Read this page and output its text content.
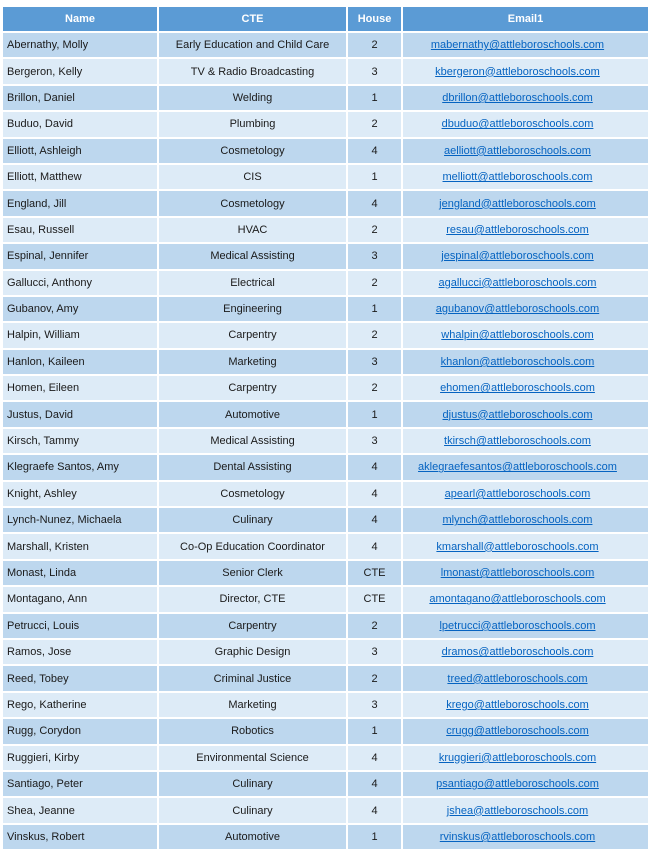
Name	CTE	House	Email1
Abernathy, Molly	Early Education and Child Care	2	mabernathy@attleboroschools.com
Bergeron, Kelly	TV & Radio Broadcasting	3	kbergeron@attleboroschools.com
Brillon, Daniel	Welding	1	dbrillon@attleboroschools.com
Buduo, David	Plumbing	2	dbuduo@attleboroschools.com
Elliott, Ashleigh	Cosmetology	4	aelliott@attleboroschools.com
Elliott, Matthew	CIS	1	melliott@attleboroschools.com
England, Jill	Cosmetology	4	jengland@attleboroschools.com
Esau, Russell	HVAC	2	resau@attleboroschools.com
Espinal, Jennifer	Medical Assisting	3	jespinal@attleboroschools.com
Gallucci, Anthony	Electrical	2	agallucci@attleboroschools.com
Gubanov, Amy	Engineering	1	agubanov@attleboroschools.com
Halpin, William	Carpentry	2	whalpin@attleboroschools.com
Hanlon, Kaileen	Marketing	3	khanlon@attleboroschools.com
Homen, Eileen	Carpentry	2	ehomen@attleboroschools.com
Justus, David	Automotive	1	djustus@attleboroschools.com
Kirsch, Tammy	Medical Assisting	3	tkirsch@attleboroschools.com
Klegraefe Santos, Amy	Dental Assisting	4	aklegraefesantos@attleboroschools.com
Knight, Ashley	Cosmetology	4	apearl@attleboroschools.com
Lynch-Nunez, Michaela	Culinary	4	mlynch@attleboroschools.com
Marshall, Kristen	Co-Op Education Coordinator	4	kmarshall@attleboroschools.com
Monast, Linda	Senior Clerk	CTE	lmonast@attleboroschools.com
Montagano, Ann	Director, CTE	CTE	amontagano@attleboroschools.com
Petrucci, Louis	Carpentry	2	lpetrucci@attleboroschools.com
Ramos, Jose	Graphic Design	3	dramos@attleboroschools.com
Reed, Tobey	Criminal Justice	2	treed@attleboroschools.com
Rego, Katherine	Marketing	3	krego@attleboroschools.com
Rugg, Corydon	Robotics	1	crugg@attleboroschools.com
Ruggieri, Kirby	Environmental Science	4	kruggieri@attleboroschools.com
Santiago, Peter	Culinary	4	psantiago@attleboroschools.com
Shea, Jeanne	Culinary	4	jshea@attleboroschools.com
Vinskus, Robert	Automotive	1	rvinskus@attleboroschools.com
